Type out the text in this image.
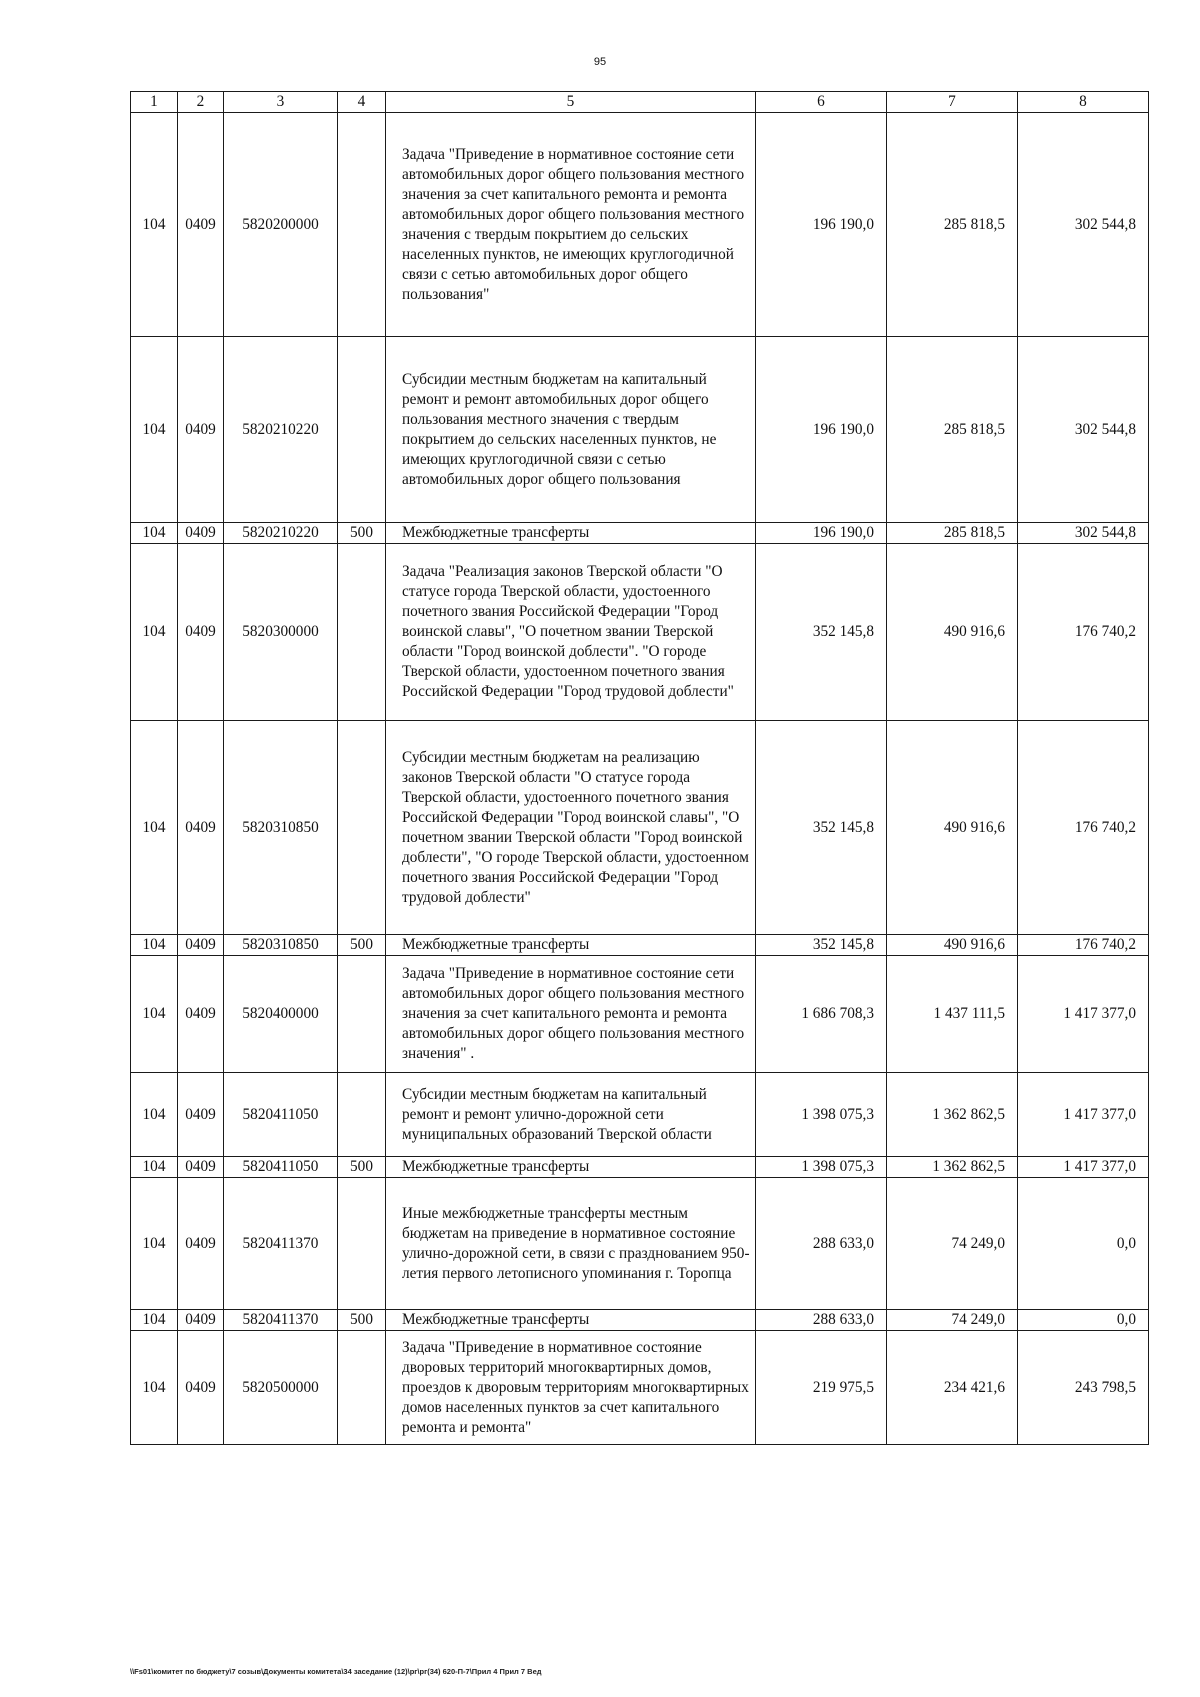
95
1	2	3	4	5	6	7	8
104	0409	5820200000		Задача "Приведение в нормативное состояние сети автомобильных дорог общего пользования местного значения за счет капитального ремонта и ремонта автомобильных дорог общего пользования местного значения с твердым покрытием до сельских населенных пунктов, не имеющих круглогодичной связи с сетью автомобильных дорог общего пользования"	196 190,0	285 818,5	302 544,8
104	0409	5820210220		Субсидии местным бюджетам на капитальный ремонт и ремонт автомобильных дорог общего пользования местного значения с твердым покрытием до сельских населенных пунктов, не имеющих круглогодичной связи с сетью автомобильных дорог общего пользования	196 190,0	285 818,5	302 544,8
104	0409	5820210220	500	Межбюджетные трансферты	196 190,0	285 818,5	302 544,8
104	0409	5820300000		Задача "Реализация законов Тверской области "О статусе города Тверской области, удостоенного почетного звания Российской Федерации "Город воинской славы", "О почетном звании Тверской области "Город воинской доблести". "О городе Тверской области, удостоенном почетного звания Российской Федерации "Город трудовой доблести"	352 145,8	490 916,6	176 740,2
104	0409	5820310850		Субсидии местным бюджетам на реализацию законов Тверской области "О статусе города Тверской области, удостоенного почетного звания Российской Федерации "Город воинской славы", "О почетном звании Тверской области "Город воинской доблести", "О городе Тверской области, удостоенном почетного звания Российской Федерации "Город трудовой доблести"	352 145,8	490 916,6	176 740,2
104	0409	5820310850	500	Межбюджетные трансферты	352 145,8	490 916,6	176 740,2
104	0409	5820400000		Задача "Приведение в нормативное состояние сети автомобильных дорог общего пользования местного значения за счет капитального ремонта и ремонта автомобильных дорог общего пользования местного значения" .	1 686 708,3	1 437 111,5	1 417 377,0
104	0409	5820411050		Субсидии местным бюджетам на капитальный ремонт и ремонт улично-дорожной сети муниципальных образований Тверской области	1 398 075,3	1 362 862,5	1 417 377,0
104	0409	5820411050	500	Межбюджетные трансферты	1 398 075,3	1 362 862,5	1 417 377,0
104	0409	5820411370		Иные межбюджетные трансферты местным бюджетам на приведение в нормативное состояние улично-дорожной сети, в связи с празднованием 950-летия первого летописного упоминания г. Торопца	288 633,0	74 249,0	0,0
104	0409	5820411370	500	Межбюджетные трансферты	288 633,0	74 249,0	0,0
104	0409	5820500000		Задача "Приведение в нормативное состояние дворовых территорий многоквартирных домов, проездов к дворовым территориям многоквартирных домов населенных пунктов за счет капитального ремонта и ремонта"	219 975,5	234 421,6	243 798,5
\\Fs01\комитет по бюджету\7 созыв\Документы комитета\34 заседание (12)\рг\рг(34) 620-П-7\Прил 4 Прил 7 Вед
